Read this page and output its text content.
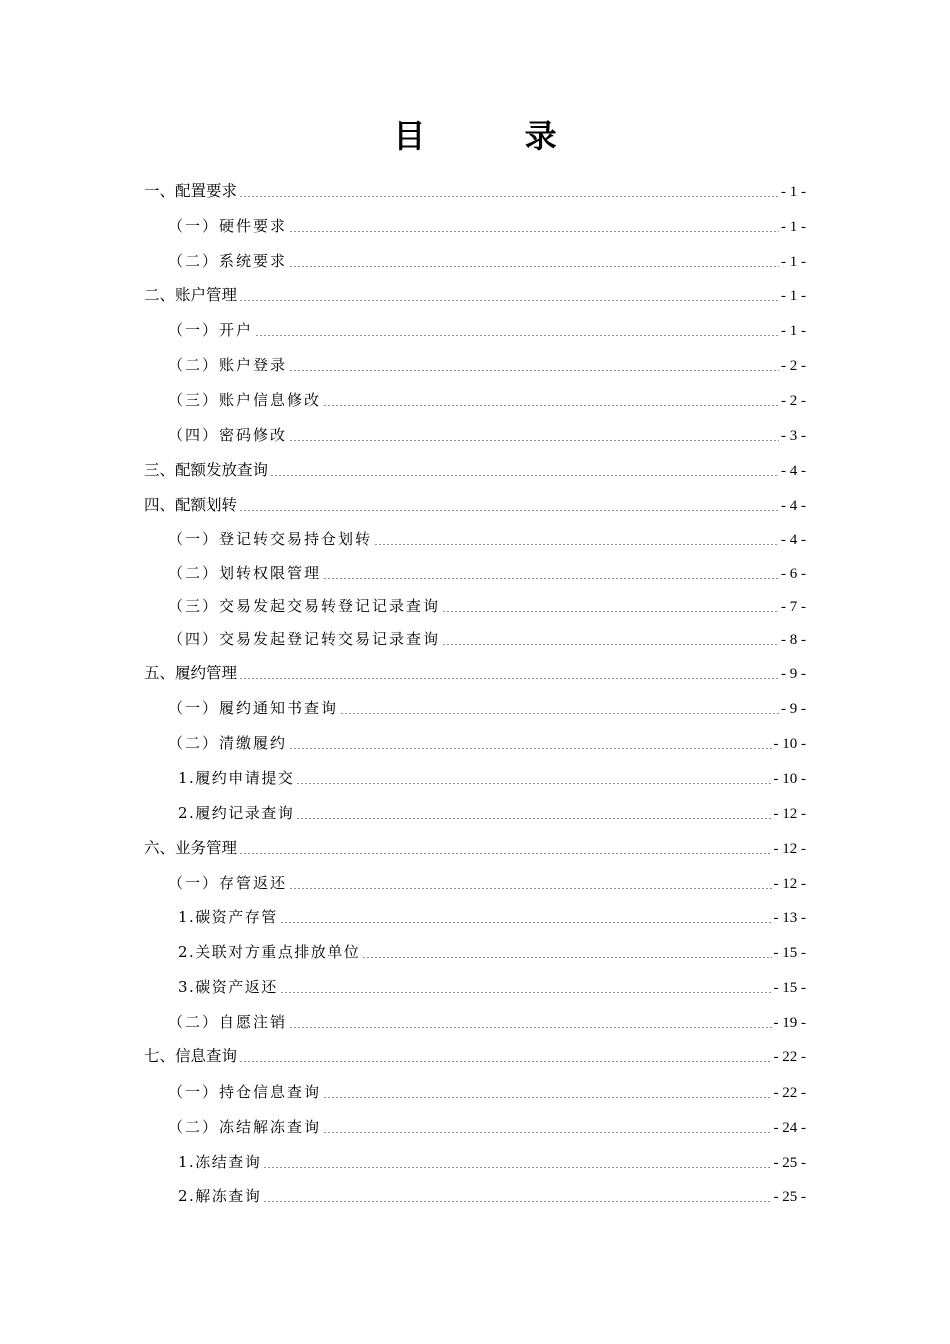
目 录
一、配置要求	- 1 -
（一）硬件要求	- 1 -
（二）系统要求	- 1 -
二、账户管理	- 1 -
（一）开户	- 1 -
（二）账户登录	- 2 -
（三）账户信息修改	- 2 -
（四）密码修改	- 3 -
三、配额发放查询	- 4 -
四、配额划转	- 4 -
（一）登记转交易持仓划转	- 4 -
（二）划转权限管理	- 6 -
（三）交易发起交易转登记记录查询	- 7 -
（四）交易发起登记转交易记录查询	- 8 -
五、履约管理	- 9 -
（一）履约通知书查询	- 9 -
（二）清缴履约	- 10 -
1.履约申请提交	- 10 -
2.履约记录查询	- 12 -
六、业务管理	- 12 -
（一）存管返还	- 12 -
1.碳资产存管	- 13 -
2.关联对方重点排放单位	- 15 -
3.碳资产返还	- 15 -
（二）自愿注销	- 19 -
七、信息查询	- 22 -
（一）持仓信息查询	- 22 -
（二）冻结解冻查询	- 24 -
1.冻结查询	- 25 -
2.解冻查询	- 25 -
